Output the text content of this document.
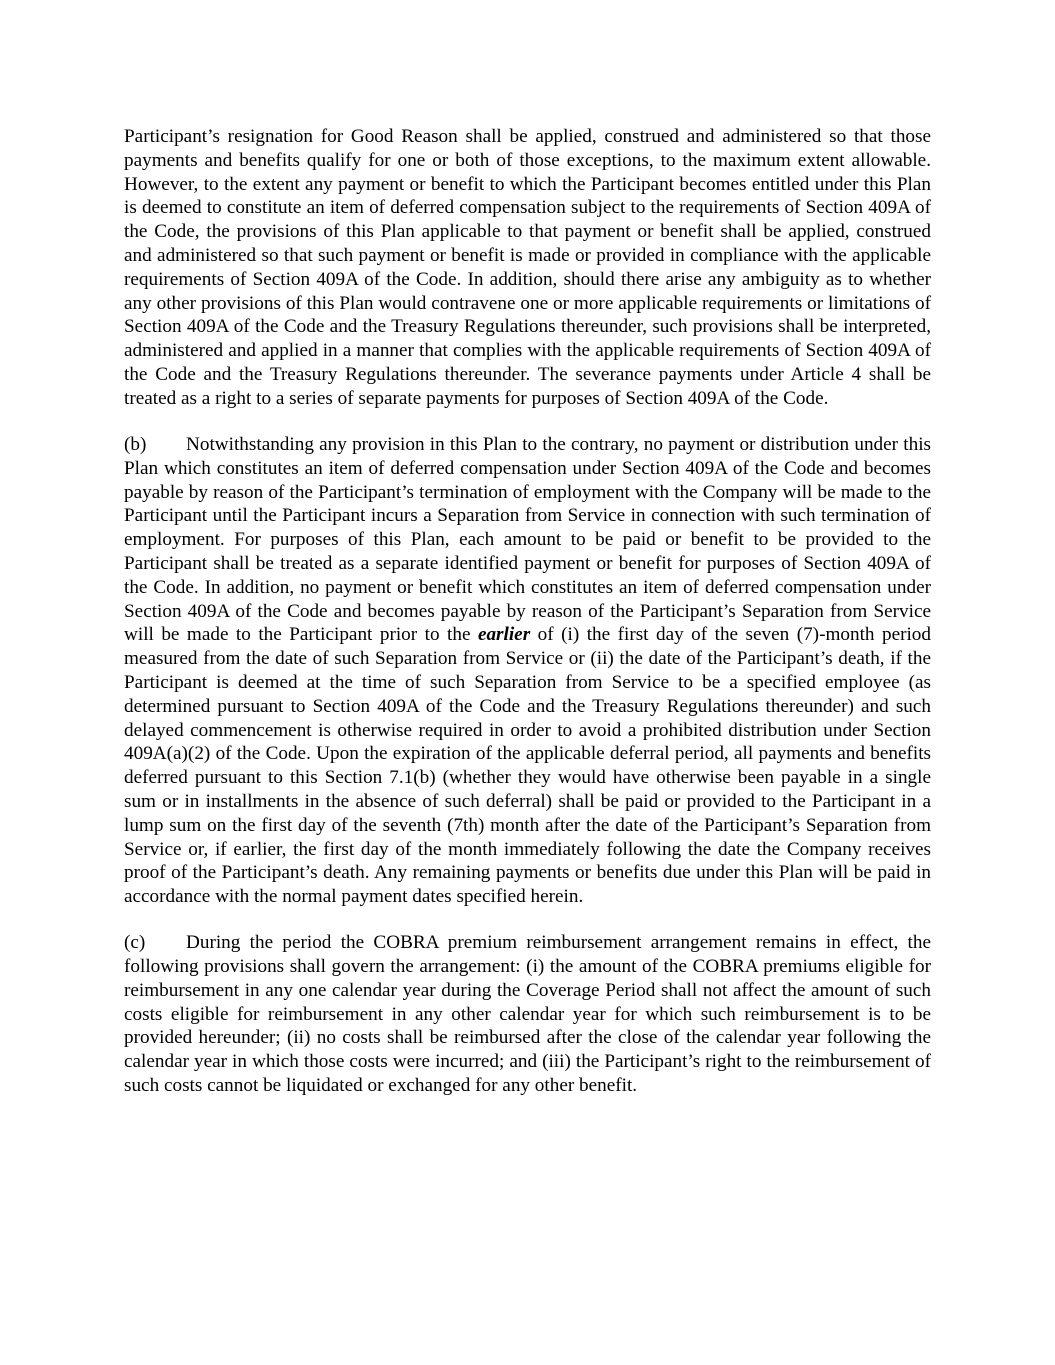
Participant’s resignation for Good Reason shall be applied, construed and administered so that those payments and benefits qualify for one or both of those exceptions, to the maximum extent allowable. However, to the extent any payment or benefit to which the Participant becomes entitled under this Plan is deemed to constitute an item of deferred compensation subject to the requirements of Section 409A of the Code, the provisions of this Plan applicable to that payment or benefit shall be applied, construed and administered so that such payment or benefit is made or provided in compliance with the applicable requirements of Section 409A of the Code. In addition, should there arise any ambiguity as to whether any other provisions of this Plan would contravene one or more applicable requirements or limitations of Section 409A of the Code and the Treasury Regulations thereunder, such provisions shall be interpreted, administered and applied in a manner that complies with the applicable requirements of Section 409A of the Code and the Treasury Regulations thereunder. The severance payments under Article 4 shall be treated as a right to a series of separate payments for purposes of Section 409A of the Code.

(b) Notwithstanding any provision in this Plan to the contrary, no payment or distribution under this Plan which constitutes an item of deferred compensation under Section 409A of the Code and becomes payable by reason of the Participant’s termination of employment with the Company will be made to the Participant until the Participant incurs a Separation from Service in connection with such termination of employment. For purposes of this Plan, each amount to be paid or benefit to be provided to the Participant shall be treated as a separate identified payment or benefit for purposes of Section 409A of the Code. In addition, no payment or benefit which constitutes an item of deferred compensation under Section 409A of the Code and becomes payable by reason of the Participant’s Separation from Service will be made to the Participant prior to the earlier of (i) the first day of the seven (7)-month period measured from the date of such Separation from Service or (ii) the date of the Participant’s death, if the Participant is deemed at the time of such Separation from Service to be a specified employee (as determined pursuant to Section 409A of the Code and the Treasury Regulations thereunder) and such delayed commencement is otherwise required in order to avoid a prohibited distribution under Section 409A(a)(2) of the Code. Upon the expiration of the applicable deferral period, all payments and benefits deferred pursuant to this Section 7.1(b) (whether they would have otherwise been payable in a single sum or in installments in the absence of such deferral) shall be paid or provided to the Participant in a lump sum on the first day of the seventh (7th) month after the date of the Participant’s Separation from Service or, if earlier, the first day of the month immediately following the date the Company receives proof of the Participant’s death. Any remaining payments or benefits due under this Plan will be paid in accordance with the normal payment dates specified herein.

(c) During the period the COBRA premium reimbursement arrangement remains in effect, the following provisions shall govern the arrangement: (i) the amount of the COBRA premiums eligible for reimbursement in any one calendar year during the Coverage Period shall not affect the amount of such costs eligible for reimbursement in any other calendar year for which such reimbursement is to be provided hereunder; (ii) no costs shall be reimbursed after the close of the calendar year following the calendar year in which those costs were incurred; and (iii) the Participant’s right to the reimbursement of such costs cannot be liquidated or exchanged for any other benefit.
